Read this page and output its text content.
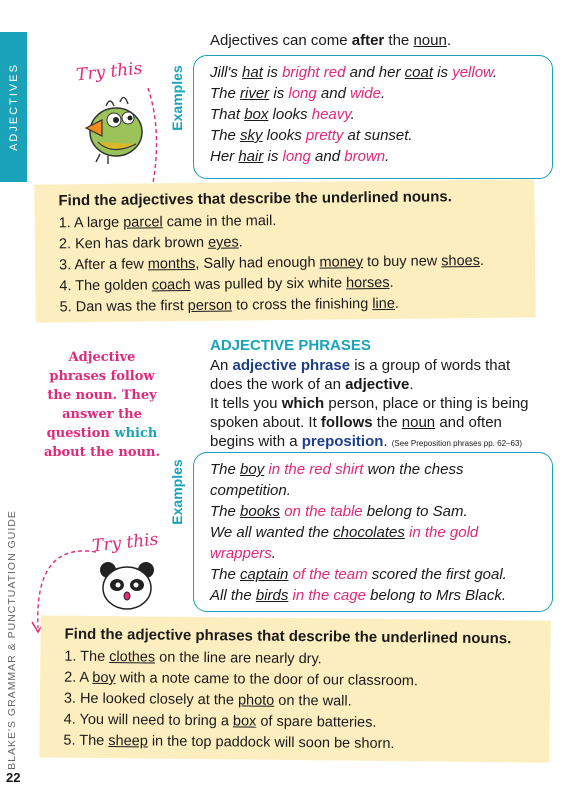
ADJECTIVES
BLAKE'S GRAMMAR & PUNCTUATION GUIDE
22
Adjectives can come after the noun.
Try this Examples Jill's hat is bright red and her coat is yellow.
The river is long and wide.
That box looks heavy.
The sky looks pretty at sunset.
Her hair is long and brown.
Find the adjectives that describe the underlined nouns.
1. A large parcel came in the mail.
2. Ken has dark brown eyes.
3. After a few months, Sally had enough money to buy new shoes.
4. The golden coach was pulled by six white horses.
5. Dan was the first person to cross the finishing line.
ADJECTIVE PHRASES
An adjective phrase is a group of words that
does the work of an adjective.
It tells you which person, place or thing is being
spoken about. It follows the noun and often
begins with a preposition. (See Preposition phrases pp. 62–63)
Adjective
phrases follow
the noun. They
answer the
question which
about the noun.
Examples The boy in the red shirt won the chess
competition.
The books on the table belong to Sam.
We all wanted the chocolates in the gold
wrappers.
The captain of the team scored the first goal.
All the birds in the cage belong to Mrs Black.
Try this
Find the adjective phrases that describe the underlined nouns.
1. The clothes on the line are nearly dry.
2. A boy with a note came to the door of our classroom.
3. He looked closely at the photo on the wall.
4. You will need to bring a box of spare batteries.
5. The sheep in the top paddock will soon be shorn.
